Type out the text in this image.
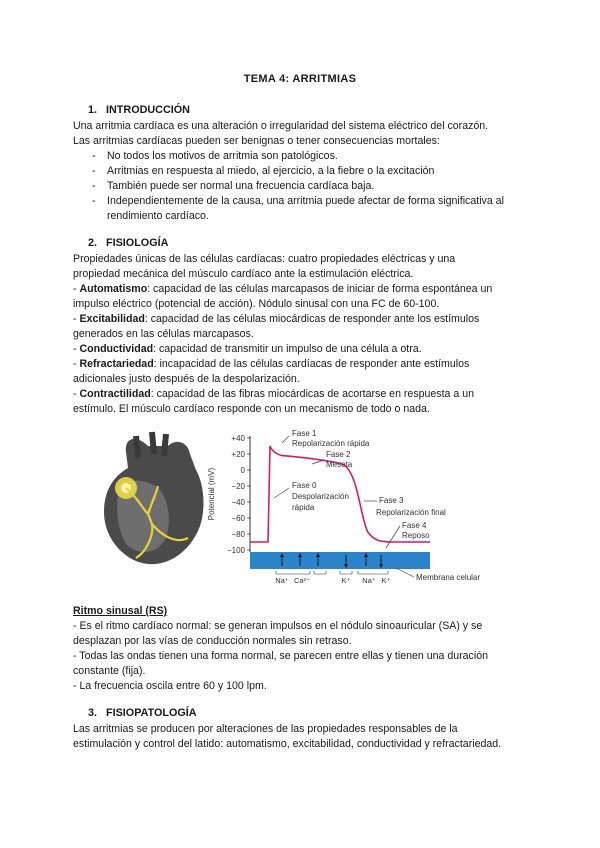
TEMA 4: ARRITMIAS
1. INTRODUCCIÓN
Una arritmia cardíaca es una alteración o irregularidad del sistema eléctrico del corazón.
Las arritmias cardíacas pueden ser benignas o tener consecuencias mortales:
- No todos los motivos de arritmia son patológicos.
- Arritmias en respuesta al miedo, al ejercicio, a la fiebre o la excitación
- También puede ser normal una frecuencia cardíaca baja.
- Independientemente de la causa, una arritmia puede afectar de forma significativa al
rendimiento cardíaco.
2. FISIOLOGÍA
Propiedades únicas de las células cardíacas: cuatro propiedades eléctricas y una
propiedad mecánica del músculo cardíaco ante la estimulación eléctrica.
- Automatismo: capacidad de las células marcapasos de iniciar de forma espontánea un
impulso eléctrico (potencial de acción). Nódulo sinusal con una FC de 60-100.
- Excitabilidad: capacidad de las células miocárdicas de responder ante los estímulos
generados en las células marcapasos.
- Conductividad: capacidad de transmitir un impulso de una célula a otra.
- Refractariedad: incapacidad de las células cardíacas de responder ante estímulos
adicionales justo después de la despolarización.
- Contractilidad: capacidad de las fibras miocárdicas de acortarse en respuesta a un
estímulo. El músculo cardíaco responde con un mecanismo de todo o nada.
+40
+20
0
−20
−40
−60
−80
−100
Potencial (mV)
Fase 1
Repolarización rápida
Fase 2
Meseta
Fase 0
Despolarización
rápida
Fase 3
Repolarización final
Fase 4
Reposo
Na⁺ Ca²⁺	K⁺ Na⁺ K⁺	Membrana celular
Ritmo sinusal (RS)
- Es el ritmo cardíaco normal: se generan impulsos en el nódulo sinoauricular (SA) y se
desplazan por las vías de conducción normales sin retraso.
- Todas las ondas tienen una forma normal, se parecen entre ellas y tienen una duración
constante (fija).
- La frecuencia oscila entre 60 y 100 lpm.
3. FISIOPATOLOGÍA
Las arritmias se producen por alteraciones de las propiedades responsables de la
estimulación y control del latido: automatismo, excitabilidad, conductividad y refractariedad.
